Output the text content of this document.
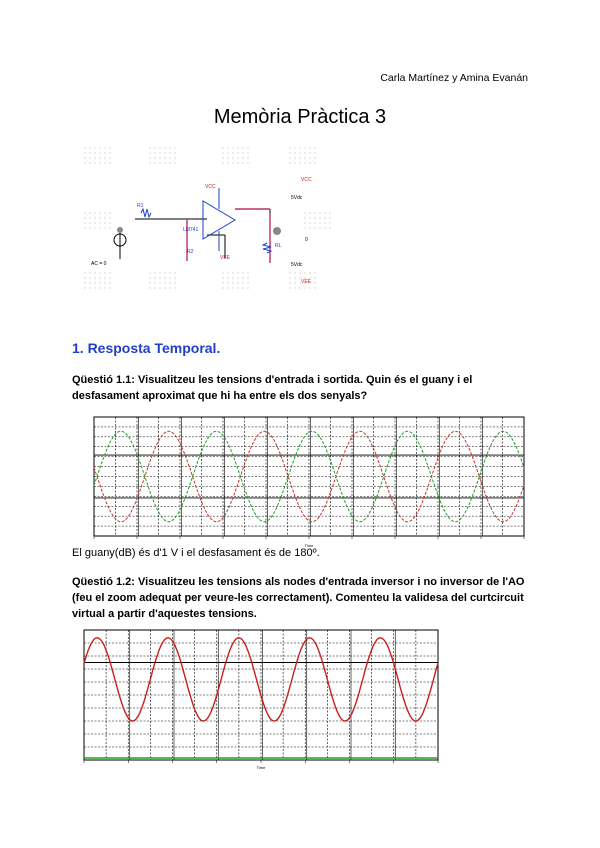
Carla Martínez y Amina Evanán
Memòria Pràctica 3
VCC
VCC
VEE
VEE
5Vdc
5Vdc
AC = 0
LM741
R1
R2
RL
0
1. Resposta Temporal.
Qüestió 1.1: Visualitzeu les tensions d'entrada i sortida. Quin és el guany i el desfasament aproximat que hi ha entre els dos senyals?
Time
El guany(dB) és d'1 V i el desfasament és de 180º.
Qüestió 1.2: Visualitzeu les tensions als nodes d'entrada inversor i no inversor de l'AO (feu el zoom adequat per veure-les correctament). Comenteu la validesa del curtcircuit virtual a partir d'aquestes tensions.
Time
